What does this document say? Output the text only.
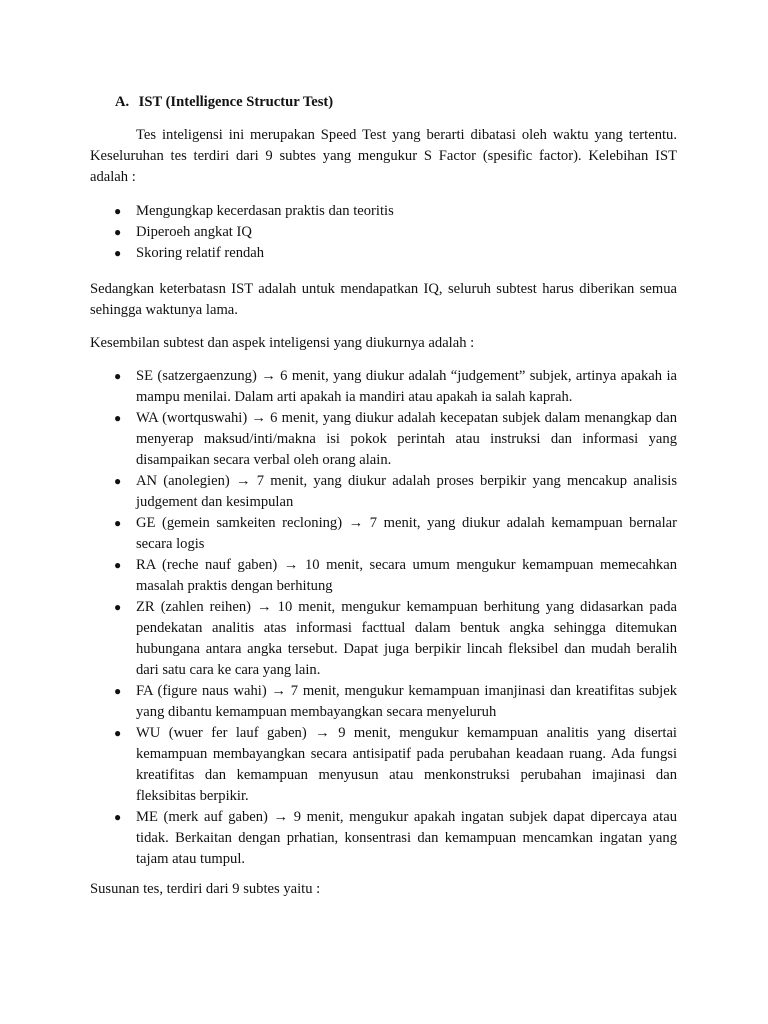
A. IST (Intelligence Structur Test)

Tes inteligensi ini merupakan Speed Test yang berarti dibatasi oleh waktu yang tertentu. Keseluruhan tes terdiri dari 9 subtes yang mengukur S Factor (spesific factor). Kelebihan IST adalah :

● Mengungkap kecerdasan praktis dan teoritis
● Diperoeh angkat IQ
● Skoring relatif rendah

Sedangkan keterbatasn IST adalah untuk mendapatkan IQ, seluruh subtest harus diberikan semua sehingga waktunya lama.

Kesembilan subtest dan aspek inteligensi yang diukurnya adalah :

● SE (satzergaenzung) → 6 menit, yang diukur adalah “judgement” subjek, artinya apakah ia mampu menilai. Dalam arti apakah ia mandiri atau apakah ia salah kaprah.
● WA (wortquswahi) → 6 menit, yang diukur adalah kecepatan subjek dalam menangkap dan menyerap maksud/inti/makna isi pokok perintah atau instruksi dan informasi yang disampaikan secara verbal oleh orang alain.
● AN (anolegien) → 7 menit, yang diukur adalah proses berpikir yang mencakup analisis judgement dan kesimpulan
● GE (gemein samkeiten recloning) → 7 menit, yang diukur adalah kemampuan bernalar secara logis
● RA (reche nauf gaben) → 10 menit, secara umum mengukur kemampuan memecahkan masalah praktis dengan berhitung
● ZR (zahlen reihen) → 10 menit, mengukur kemampuan berhitung yang didasarkan pada pendekatan analitis atas informasi facttual dalam bentuk angka sehingga ditemukan hubungana antara angka tersebut. Dapat juga berpikir lincah fleksibel dan mudah beralih dari satu cara ke cara yang lain.
● FA (figure naus wahi) → 7 menit, mengukur kemampuan imanjinasi dan kreatifitas subjek yang dibantu kemampuan membayangkan secara menyeluruh
● WU (wuer fer lauf gaben) → 9 menit, mengukur kemampuan analitis yang disertai kemampuan membayangkan secara antisipatif pada perubahan keadaan ruang. Ada fungsi kreatifitas dan kemampuan menyusun atau menkonstruksi perubahan imajinasi dan fleksibitas berpikir.
● ME (merk auf gaben) → 9 menit, mengukur apakah ingatan subjek dapat dipercaya atau tidak. Berkaitan dengan prhatian, konsentrasi dan kemampuan mencamkan ingatan yang tajam atau tumpul.

Susunan tes, terdiri dari 9 subtes yaitu :
